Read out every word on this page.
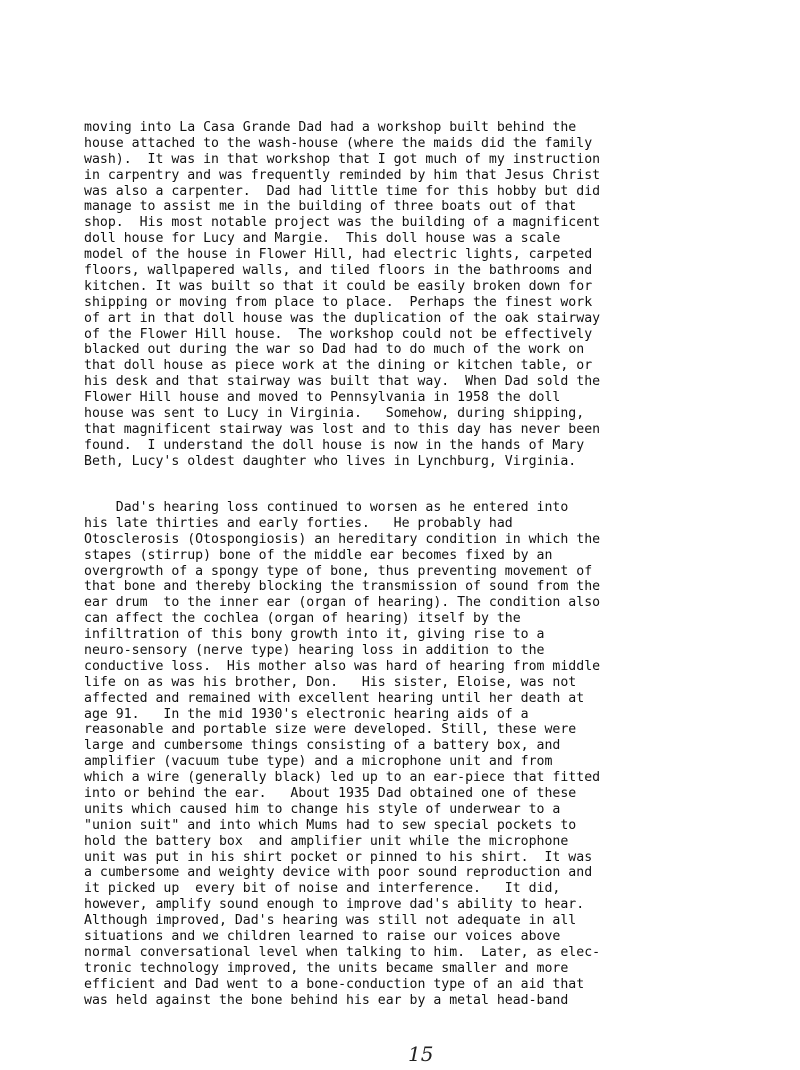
moving into La Casa Grande Dad had a workshop built behind the
house attached to the wash-house (where the maids did the family
wash).  It was in that workshop that I got much of my instruction
in carpentry and was frequently reminded by him that Jesus Christ
was also a carpenter.  Dad had little time for this hobby but did
manage to assist me in the building of three boats out of that
shop.  His most notable project was the building of a magnificent
doll house for Lucy and Margie.  This doll house was a scale
model of the house in Flower Hill, had electric lights, carpeted
floors, wallpapered walls, and tiled floors in the bathrooms and
kitchen. It was built so that it could be easily broken down for
shipping or moving from place to place.  Perhaps the finest work
of art in that doll house was the duplication of the oak stairway
of the Flower Hill house.  The workshop could not be effectively
blacked out during the war so Dad had to do much of the work on
that doll house as piece work at the dining or kitchen table, or
his desk and that stairway was built that way.  When Dad sold the
Flower Hill house and moved to Pennsylvania in 1958 the doll
house was sent to Lucy in Virginia.   Somehow, during shipping,
that magnificent stairway was lost and to this day has never been
found.  I understand the doll house is now in the hands of Mary
Beth, Lucy's oldest daughter who lives in Lynchburg, Virginia.
Dad's hearing loss continued to worsen as he entered into
his late thirties and early forties.   He probably had
Otosclerosis (Otospongiosis) an hereditary condition in which the
stapes (stirrup) bone of the middle ear becomes fixed by an
overgrowth of a spongy type of bone, thus preventing movement of
that bone and thereby blocking the transmission of sound from the
ear drum  to the inner ear (organ of hearing). The condition also
can affect the cochlea (organ of hearing) itself by the
infiltration of this bony growth into it, giving rise to a
neuro-sensory (nerve type) hearing loss in addition to the
conductive loss.  His mother also was hard of hearing from middle
life on as was his brother, Don.   His sister, Eloise, was not
affected and remained with excellent hearing until her death at
age 91.   In the mid 1930's electronic hearing aids of a
reasonable and portable size were developed. Still, these were
large and cumbersome things consisting of a battery box, and
amplifier (vacuum tube type) and a microphone unit and from
which a wire (generally black) led up to an ear-piece that fitted
into or behind the ear.   About 1935 Dad obtained one of these
units which caused him to change his style of underwear to a
"union suit" and into which Mums had to sew special pockets to
hold the battery box  and amplifier unit while the microphone
unit was put in his shirt pocket or pinned to his shirt.  It was
a cumbersome and weighty device with poor sound reproduction and
it picked up  every bit of noise and interference.   It did,
however, amplify sound enough to improve dad's ability to hear.
Although improved, Dad's hearing was still not adequate in all
situations and we children learned to raise our voices above
normal conversational level when talking to him.  Later, as elec-
tronic technology improved, the units became smaller and more
efficient and Dad went to a bone-conduction type of an aid that
was held against the bone behind his ear by a metal head-band
15
